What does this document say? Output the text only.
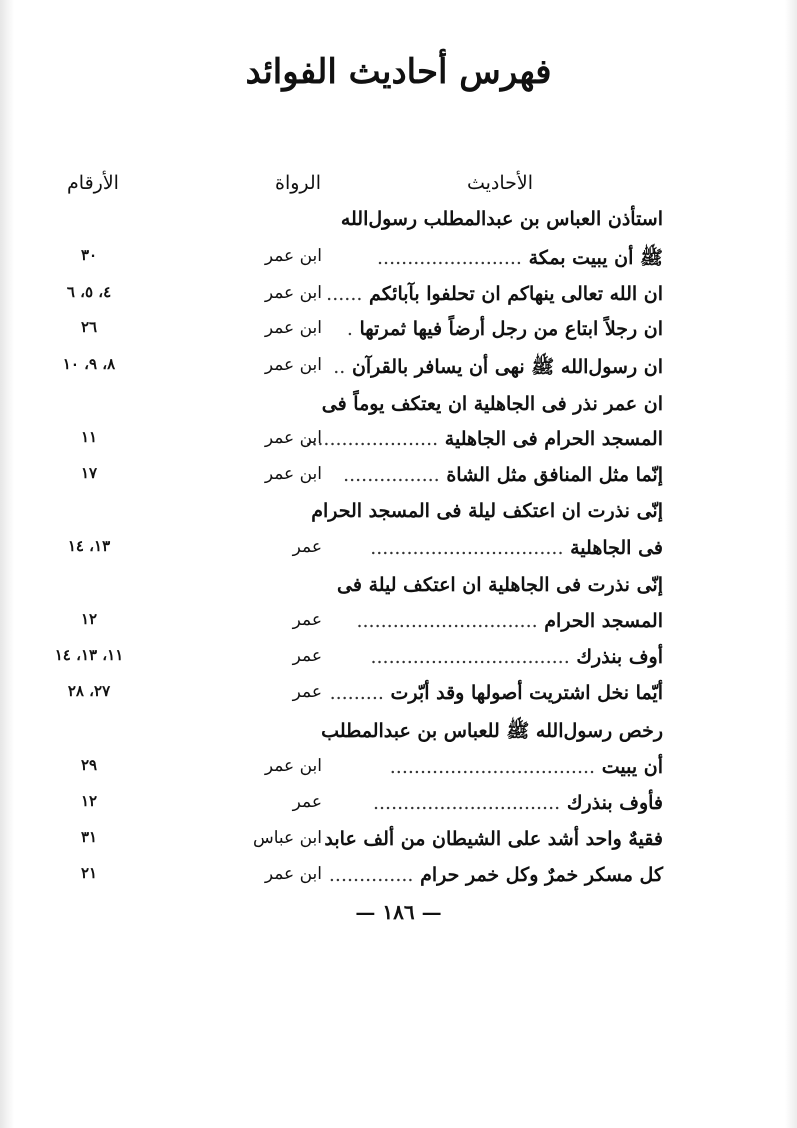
فهرس أحاديث الفوائد
الأحاديث
الرواة
الأرقام
استأذن العباس بن عبدالمطلب رسول‌الله
ﷺ أن يبيت بمكة ........................
ابن عمر
٣٠
ان الله تعالى ينهاكم ان تحلفوا بآبائكم ......
ابن عمر
٤، ٥، ٦
ان رجلاً ابتاع من رجل أرضاً فيها ثمرتها .
ابن عمر
٢٦
ان رسول‌الله ﷺ نهى أن يسافر بالقرآن ..
ابن عمر
٨، ٩، ١٠
ان عمر نذر فى الجاهلية ان يعتكف يوماً فى
المسجد الحرام فى الجاهلية ......................
ابن عمر
١١
إنّما مثل المنافق مثل الشاة ................
ابن عمر
١٧
إنّى نذرت ان اعتكف ليلة فى المسجد الحرام
فى الجاهلية ................................
عمر
١٣، ١٤
إنّى نذرت فى الجاهلية ان اعتكف ليلة فى
المسجد الحرام ..............................
عمر
١٢
أوف بنذرك .................................
عمر
١١، ١٣، ١٤
أيّما نخل اشتريت أصولها وقد أبّرت .........
عمر
٢٧، ٢٨
رخص رسول‌الله ﷺ للعباس بن عبدالمطلب
أن يبيت ..................................
ابن عمر
٢٩
فأوف بنذرك ...............................
عمر
١٢
فقيهٌ واحد أشد على الشيطان من ألف عابد
ابن عباس
٣١
كل مسكر خمرٌ وكل خمر حرام ..............
ابن عمر
٢١
— ١٨٦ —
